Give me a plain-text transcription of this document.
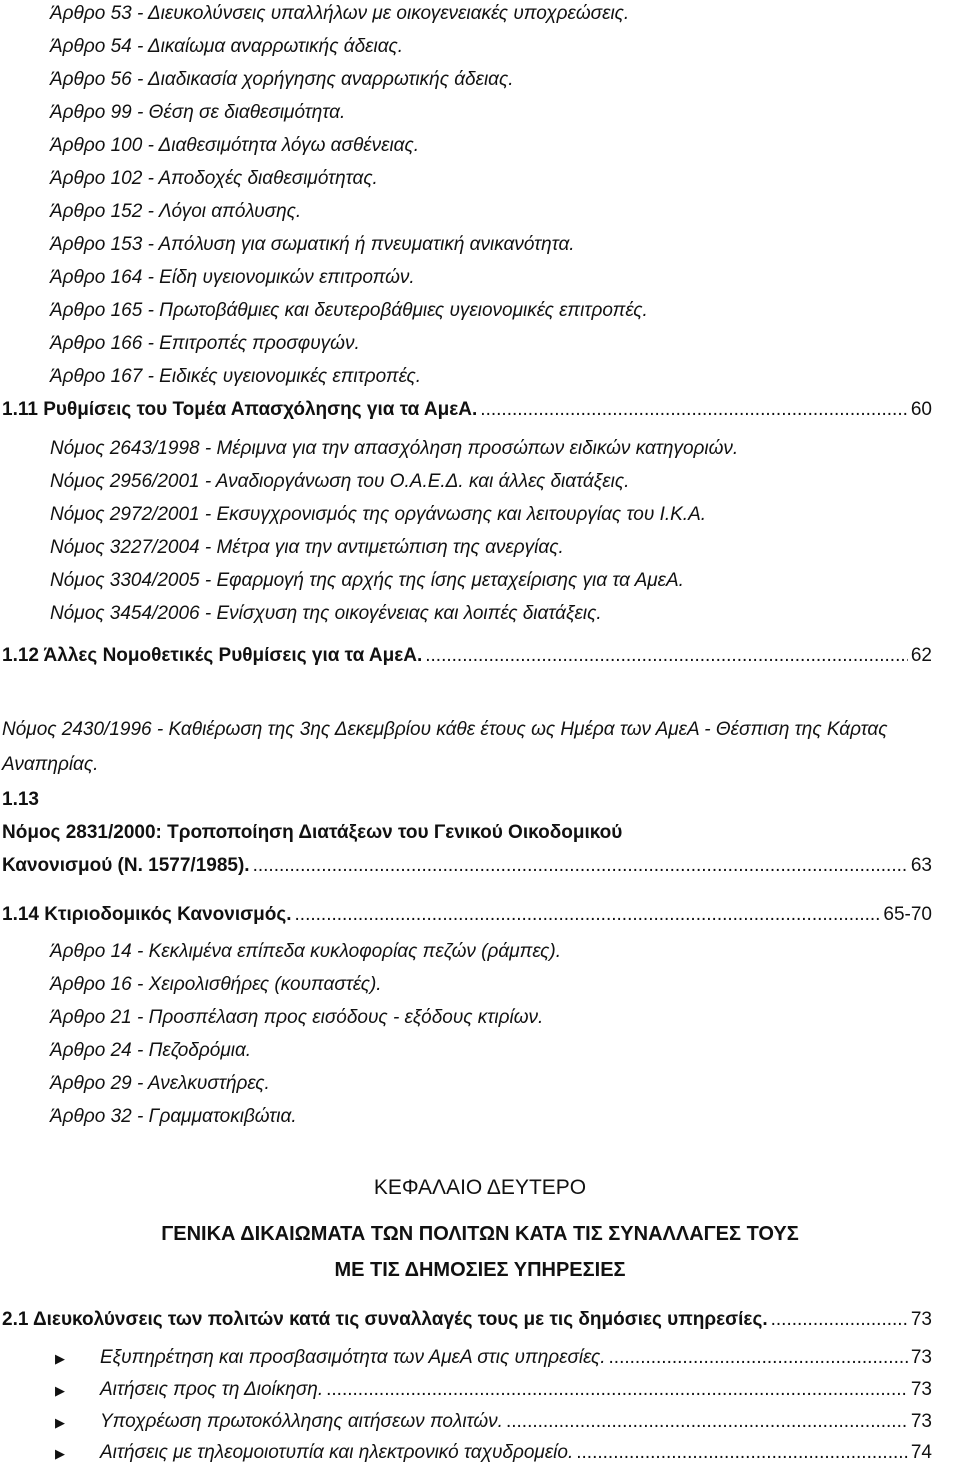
Άρθρο 53 - Διευκολύνσεις υπαλλήλων με οικογενειακές υποχρεώσεις.
Άρθρο 54 - Δικαίωμα αναρρωτικής άδειας.
Άρθρο 56 - Διαδικασία χορήγησης αναρρωτικής άδειας.
Άρθρο 99 - Θέση σε διαθεσιμότητα.
Άρθρο 100 - Διαθεσιμότητα λόγω ασθένειας.
Άρθρο 102 - Αποδοχές διαθεσιμότητας.
Άρθρο 152 - Λόγοι απόλυσης.
Άρθρο 153 - Απόλυση για σωματική ή πνευματική ανικανότητα.
Άρθρο 164 - Είδη υγειονομικών επιτροπών.
Άρθρο 165 - Πρωτοβάθμιες και δευτεροβάθμιες υγειονομικές επιτροπές.
Άρθρο 166 - Επιτροπές προσφυγών.
Άρθρο 167 - Ειδικές υγειονομικές επιτροπές.
1.11 Ρυθμίσεις του Τομέα Απασχόλησης για τα ΑμεΑ. .....	60
Νόμος 2643/1998 - Μέριμνα για την απασχόληση προσώπων ειδικών κατηγοριών.
Νόμος 2956/2001 - Αναδιοργάνωση του Ο.Α.Ε.Δ. και άλλες διατάξεις.
Νόμος 2972/2001 - Εκσυγχρονισμός της οργάνωσης και λειτουργίας του Ι.Κ.Α.
Νόμος 3227/2004 - Μέτρα για την αντιμετώπιση της ανεργίας.
Νόμος 3304/2005 - Εφαρμογή της αρχής της ίσης μεταχείρισης για τα ΑμεΑ.
Νόμος 3454/2006 - Ενίσχυση της οικογένειας και λοιπές διατάξεις.
1.12 Άλλες Νομοθετικές Ρυθμίσεις για τα ΑμεΑ. .....	62
Νόμος 2430/1996 - Καθιέρωση της 3ης Δεκεμβρίου κάθε έτους ως Ημέρα των ΑμεΑ - Θέσπιση της Κάρτας Αναπηρίας.
1.13
Νόμος 2831/2000: Τροποποίηση Διατάξεων του Γενικού Οικοδομικού
Κανονισμού (Ν. 1577/1985). .....	63
1.14 Κτιριοδομικός Κανονισμός. .....	65-70
Άρθρο 14 - Κεκλιμένα επίπεδα κυκλοφορίας πεζών (ράμπες).
Άρθρο 16 - Χειρολισθήρες (κουπαστές).
Άρθρο 21 - Προσπέλαση προς εισόδους - εξόδους κτιρίων.
Άρθρο 24 - Πεζοδρόμια.
Άρθρο 29 - Ανελκυστήρες.
Άρθρο 32 - Γραμματοκιβώτια.
ΚΕΦΑΛΑΙΟ ΔΕΥΤΕΡΟ
ΓΕΝΙΚΑ ΔΙΚΑΙΩΜΑΤΑ ΤΩΝ ΠΟΛΙΤΩΝ ΚΑΤΑ ΤΙΣ ΣΥΝΑΛΛΑΓΕΣ ΤΟΥΣ
ΜΕ ΤΙΣ ΔΗΜΟΣΙΕΣ ΥΠΗΡΕΣΙΕΣ
2.1 Διευκολύνσεις των πολιτών κατά τις συναλλαγές τους με τις δημόσιες υπηρεσίες. .....	73
▶	Εξυπηρέτηση και προσβασιμότητα των ΑμεΑ στις υπηρεσίες. .....	73
▶	Αιτήσεις προς τη Διοίκηση. .....	73
▶	Υποχρέωση πρωτοκόλλησης αιτήσεων πολιτών. .....	73
▶	Αιτήσεις με τηλεομοιοτυπία και ηλεκτρονικό ταχυδρομείο. .....	74
